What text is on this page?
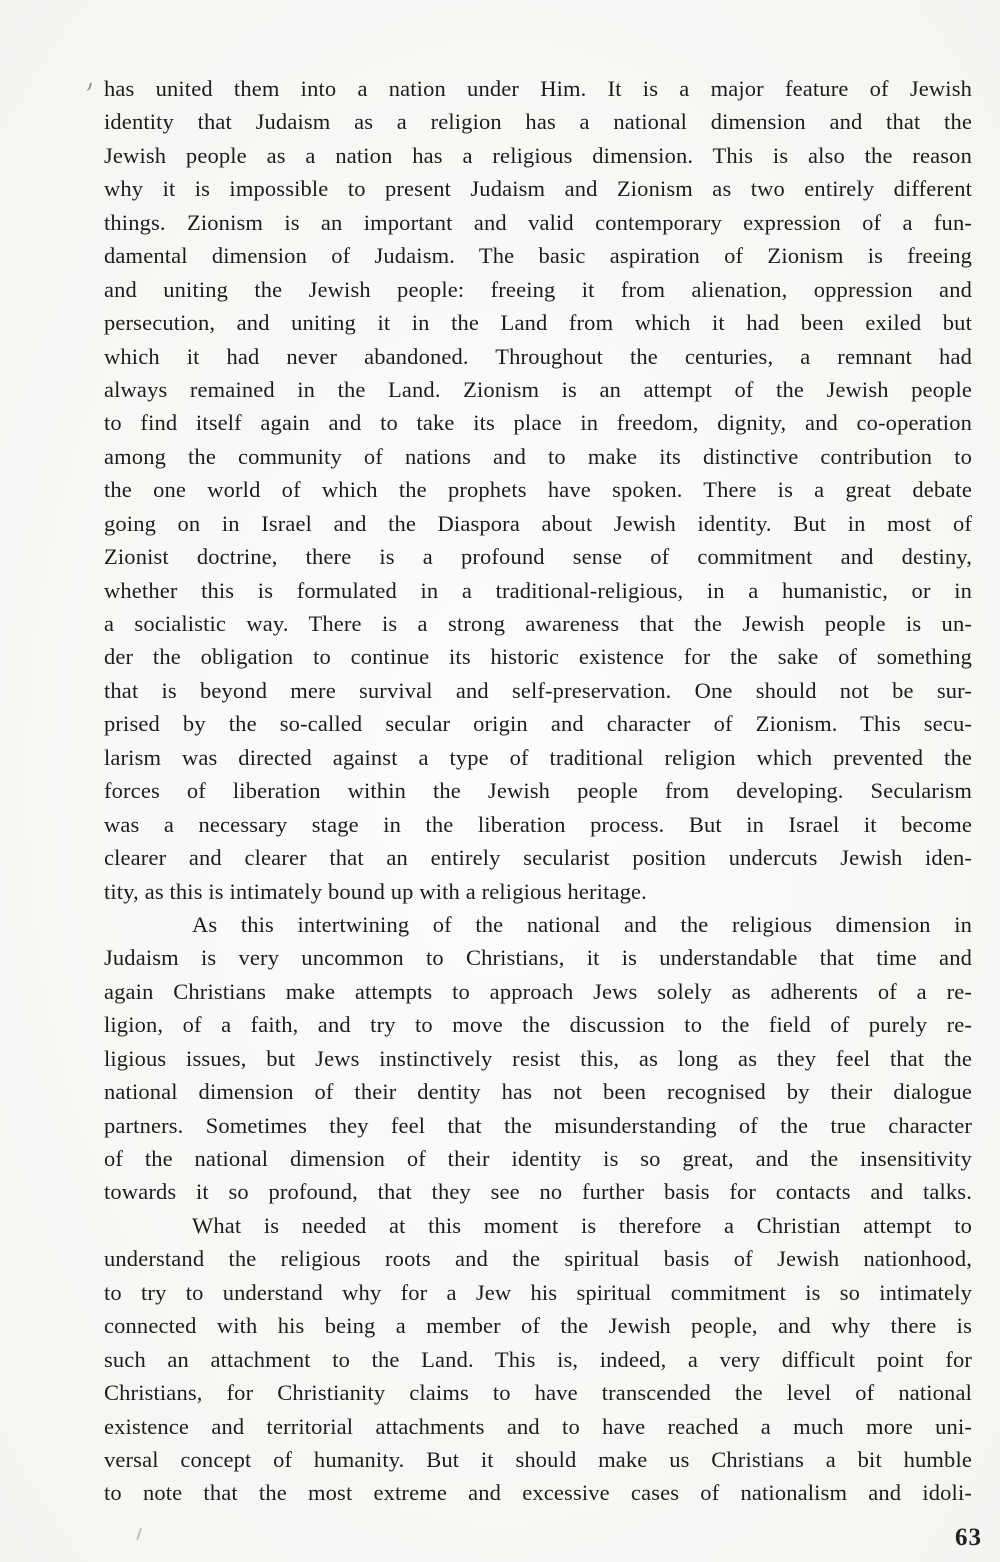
has united them into a nation under Him. It is a major feature of Jewish
identity that Judaism as a religion has a national dimension and that the
Jewish people as a nation has a religious dimension. This is also the reason
why it is impossible to present Judaism and Zionism as two entirely different
things. Zionism is an important and valid contemporary expression of a fun-
damental dimension of Judaism. The basic aspiration of Zionism is freeing
and uniting the Jewish people: freeing it from alienation, oppression and
persecution, and uniting it in the Land from which it had been exiled but
which it had never abandoned. Throughout the centuries, a remnant had
always remained in the Land. Zionism is an attempt of the Jewish people
to find itself again and to take its place in freedom, dignity, and co-operation
among the community of nations and to make its distinctive contribution to
the one world of which the prophets have spoken. There is a great debate
going on in Israel and the Diaspora about Jewish identity. But in most of
Zionist doctrine, there is a profound sense of commitment and destiny,
whether this is formulated in a traditional-religious, in a humanistic, or in
a socialistic way. There is a strong awareness that the Jewish people is un-
der the obligation to continue its historic existence for the sake of something
that is beyond mere survival and self-preservation. One should not be sur-
prised by the so-called secular origin and character of Zionism. This secu-
larism was directed against a type of traditional religion which prevented the
forces of liberation within the Jewish people from developing. Secularism
was a necessary stage in the liberation process. But in Israel it become
clearer and clearer that an entirely secularist position undercuts Jewish iden-
tity, as this is intimately bound up with a religious heritage.
As this intertwining of the national and the religious dimension in
Judaism is very uncommon to Christians, it is understandable that time and
again Christians make attempts to approach Jews solely as adherents of a re-
ligion, of a faith, and try to move the discussion to the field of purely re-
ligious issues, but Jews instinctively resist this, as long as they feel that the
national dimension of their dentity has not been recognised by their dialogue
partners. Sometimes they feel that the misunderstanding of the true character
of the national dimension of their identity is so great, and the insensitivity
towards it so profound, that they see no further basis for contacts and talks.
What is needed at this moment is therefore a Christian attempt to
understand the religious roots and the spiritual basis of Jewish nationhood,
to try to understand why for a Jew his spiritual commitment is so intimately
connected with his being a member of the Jewish people, and why there is
such an attachment to the Land. This is, indeed, a very difficult point for
Christians, for Christianity claims to have transcended the level of national
existence and territorial attachments and to have reached a much more uni-
versal concept of humanity. But it should make us Christians a bit humble
to note that the most extreme and excessive cases of nationalism and idoli-
63
